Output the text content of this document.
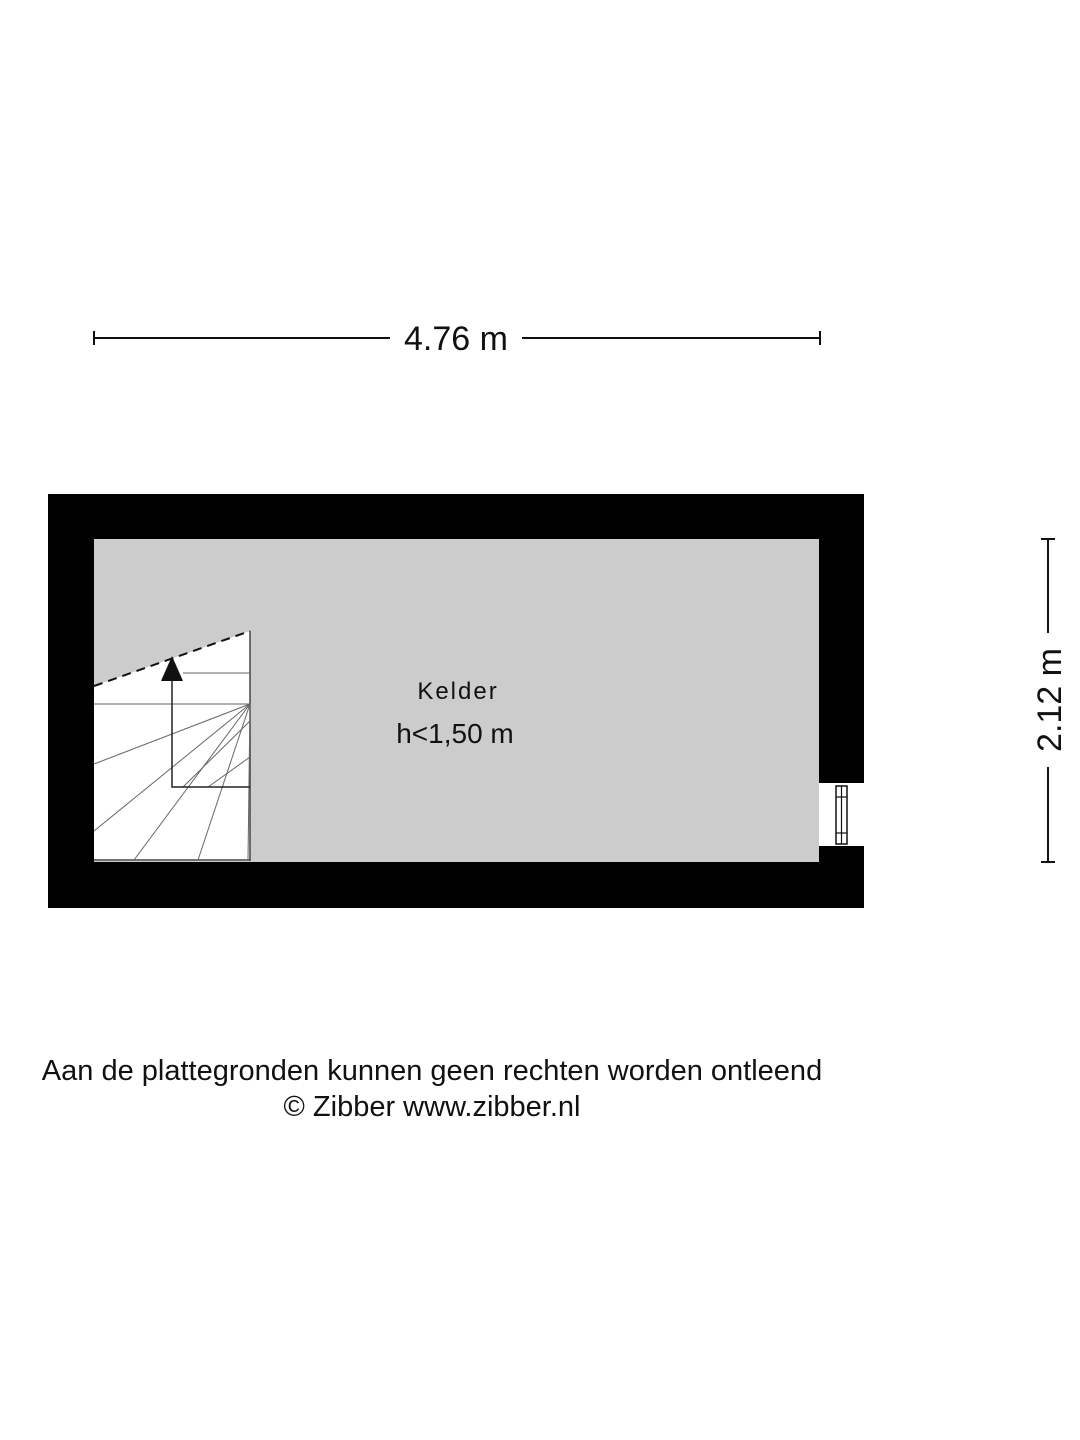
4.76 m
2.12 m
Kelder
h<1,50 m
Aan de plattegronden kunnen geen rechten worden ontleend
© Zibber www.zibber.nl
